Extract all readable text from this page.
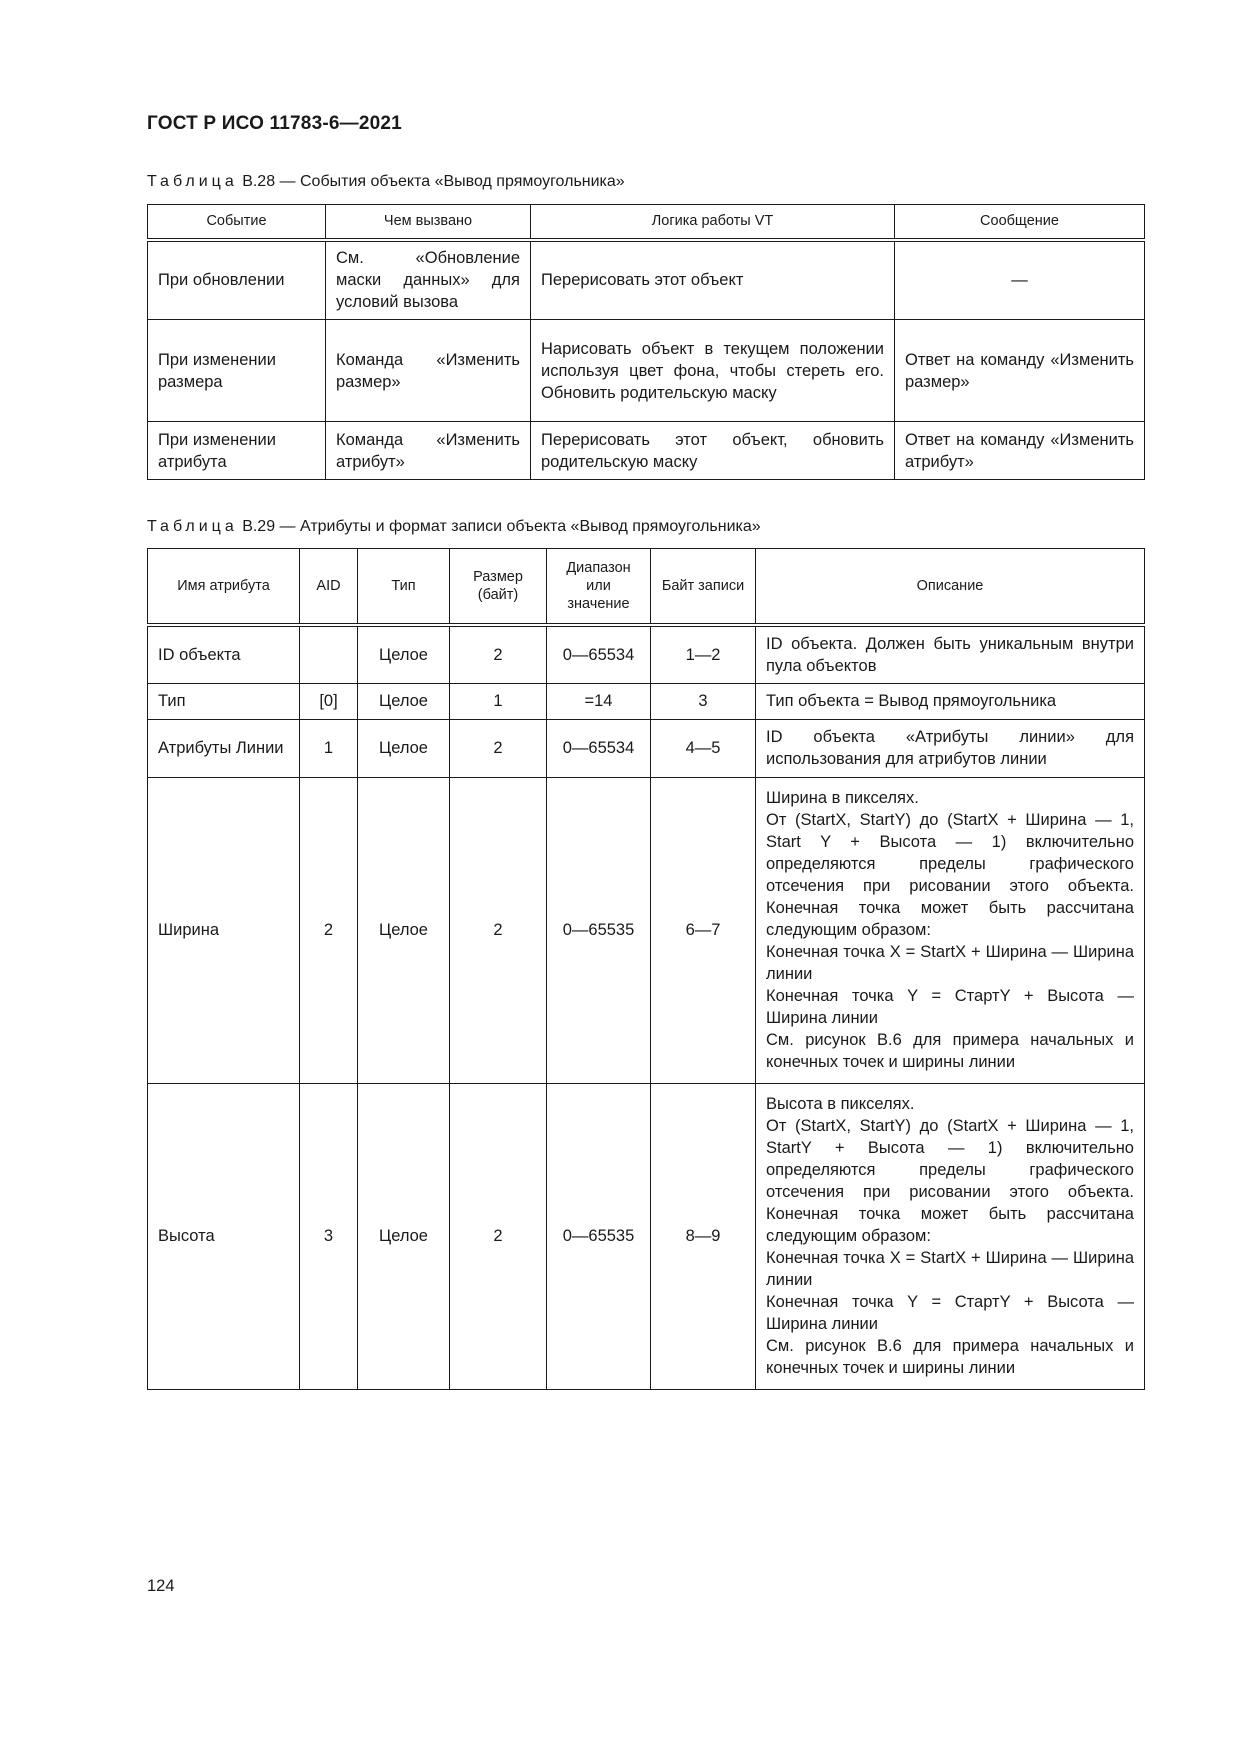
ГОСТ Р ИСО 11783-6—2021
Таблица В.28 — События объекта «Вывод прямоугольника»
Событие	Чем вызвано	Логика работы VT	Сообщение
При обновлении	См. «Обновление маски данных» для условий вызова	Перерисовать этот объект	—
При изменении размера	Команда «Изменить размер»	Нарисовать объект в текущем положении используя цвет фона, чтобы стереть его. Обновить родительскую маску	Ответ на команду «Изменить размер»
При изменении атрибута	Команда «Изменить атрибут»	Перерисовать этот объект, обновить родительскую маску	Ответ на команду «Изменить атрибут»
Таблица В.29 — Атрибуты и формат записи объекта «Вывод прямоугольника»
Имя атрибута	AID	Тип	Размер (байт)	Диапазон или значение	Байт записи	Описание
ID объекта		Целое	2	0—65534	1—2	ID объекта. Должен быть уникальным внутри пула объектов
Тип	[0]	Целое	1	=14	3	Тип объекта = Вывод прямоугольника
Атрибуты Линии	1	Целое	2	0—65534	4—5	ID объекта «Атрибуты линии» для использования для атрибутов линии
Ширина	2	Целое	2	0—65535	6—7	Ширина в пикселях.
От (StartX, StartY) до (StartX + Ширина — 1, Start Y + Высота — 1) включительно определяются пределы графического отсечения при рисовании этого объекта. Конечная точка может быть рассчитана следующим образом:
Конечная точка X = StartX + Ширина — Ширина линии
Конечная точка Y = СтартY + Высота — Ширина линии
См. рисунок В.6 для примера начальных и конечных точек и ширины линии
Высота	3	Целое	2	0—65535	8—9	Высота в пикселях.
От (StartX, StartY) до (StartX + Ширина — 1, StartY + Высота — 1) включительно определяются пределы графического отсечения при рисовании этого объекта. Конечная точка может быть рассчитана следующим образом:
Конечная точка X = StartX + Ширина — Ширина линии
Конечная точка Y = СтартY + Высота — Ширина линии
См. рисунок В.6 для примера начальных и конечных точек и ширины линии
124
